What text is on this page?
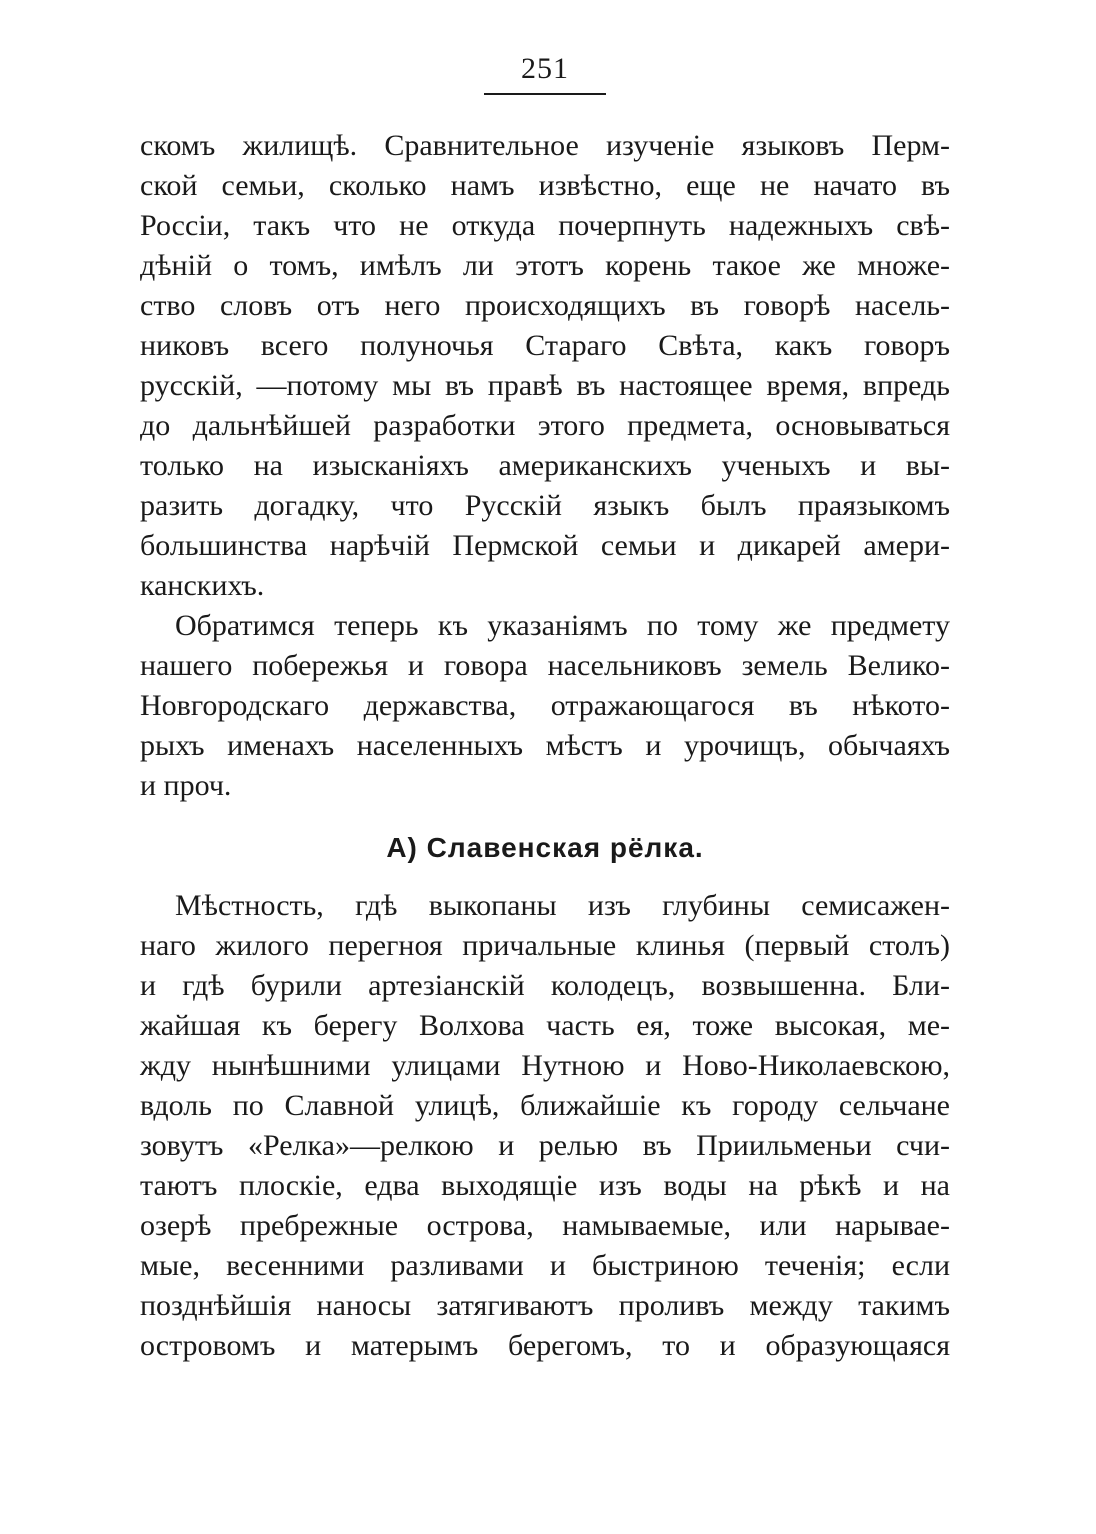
251
скомъ жилищѣ. Сравнительное изученіе языковъ Перм-
ской семьи, сколько намъ извѣстно, еще не начато въ
Россіи, такъ что не откуда почерпнуть надежныхъ свѣ-
дѣній о томъ, имѣлъ ли этотъ корень такое же множе-
ство словъ отъ него происходящихъ въ говорѣ насель-
никовъ всего полуночья Стараго Свѣта, какъ говоръ
русскій, —потому мы въ правѣ въ настоящее время, впредь
до дальнѣйшей разработки этого предмета, основываться
только на изысканіяхъ американскихъ ученыхъ и вы-
разить догадку, что Русскій языкъ былъ праязыкомъ
большинства нарѣчій Пермской семьи и дикарей амери-
канскихъ.
Обратимся теперь къ указаніямъ по тому же предмету
нашего побережья и говора насельниковъ земель Велико-
Новгородскаго державства, отражающагося въ нѣкото-
рыхъ именахъ населенныхъ мѣстъ и урочищъ, обычаяхъ
и проч.
А) Славенская рёлка.
Мѣстность, гдѣ выкопаны изъ глубины семисажен-
наго жилого перегноя причальные клинья (первый столъ)
и гдѣ бурили артезіанскій колодецъ, возвышенна. Бли-
жайшая къ берегу Волхова часть ея, тоже высокая, ме-
жду нынѣшними улицами Нутною и Ново-Николаевскою,
вдоль по Славной улицѣ, ближайшіе къ городу сельчане
зовутъ «Релка»—релкою и релью въ Приильменьи счи-
таютъ плоскіе, едва выходящіе изъ воды на рѣкѣ и на
озерѣ пребрежные острова, намываемые, или нарывае-
мые, весенними разливами и быстриною теченія; если
позднѣйшія наносы затягиваютъ проливъ между такимъ
островомъ и матерымъ берегомъ, то и образующаяся
